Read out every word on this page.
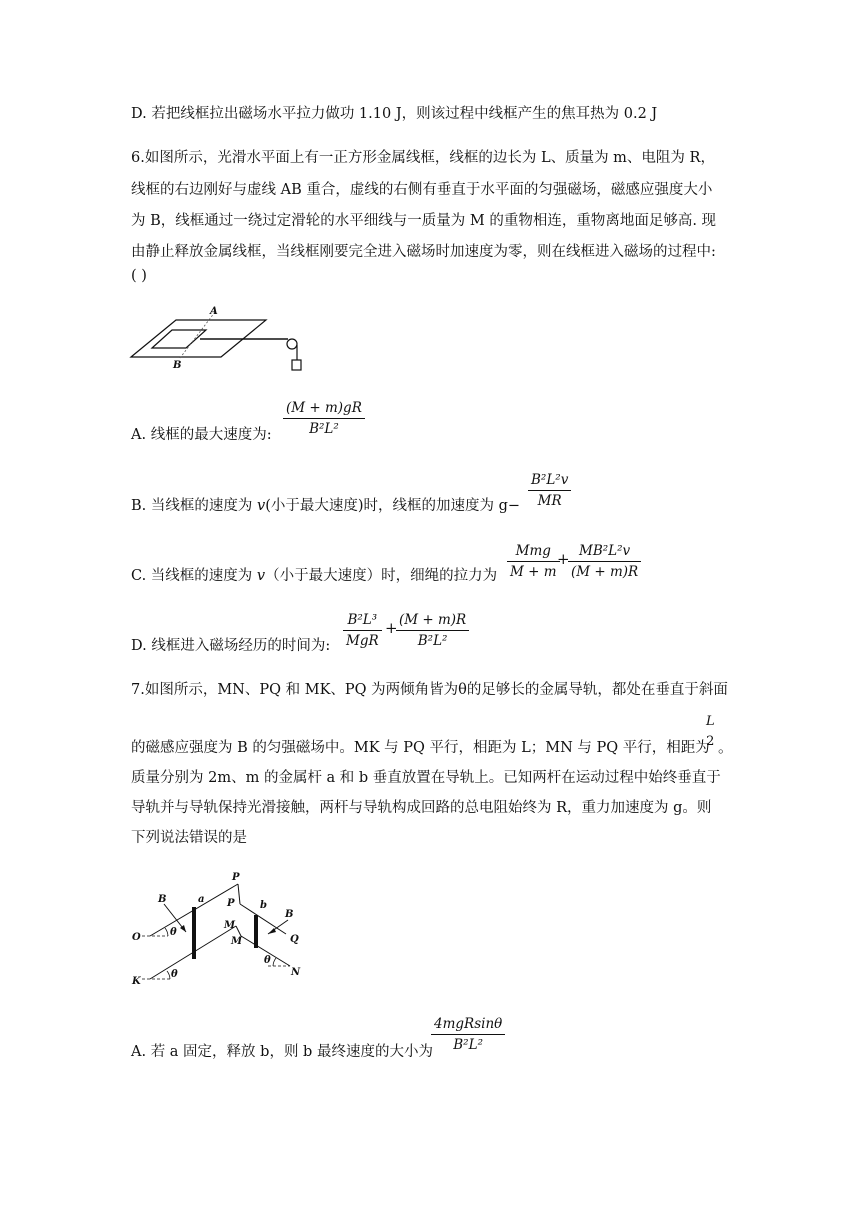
D. 若把线框拉出磁场水平拉力做功 1.10 J，则该过程中线框产生的焦耳热为 0.2 J
6.如图所示，光滑水平面上有一正方形金属线框，线框的边长为 L、质量为 m、电阻为 R，
线框的右边刚好与虚线 AB 重合，虚线的右侧有垂直于水平面的匀强磁场，磁感应强度大小
为 B，线框通过一绕过定滑轮的水平细线与一质量为 M 的重物相连，重物离地面足够高. 现
由静止释放金属线框，当线框刚要完全进入磁场时加速度为零，则在线框进入磁场的过程中:
( )
A
B
A. 线框的最大速度为: $\frac{(M + m)gR}{\text{B²L²}}$
B. 当线框的速度为 v(小于最大速度)时，线框的加速度为 $g- \frac{\text{B²L²v}}{MR}$
C. 当线框的速度为 v（小于最大速度）时，细绳的拉力为
Mmg
M + m
+
$\frac{\text{MB²L²v}}{(M + m)R}$
D. 线框进入磁场经历的时间为:
B²L³
MgR
+
$\frac{(M + m)R}{\text{B²L²}}$
7.如图所示，MN、PQ 和 MK、PQ 为两倾角皆为θ的足够长的金属导轨，都处在垂直于斜面
的磁感应强度为 B 的匀强磁场中。MK 与 PQ 平行，相距为 L；MN 与 PQ 平行，相距为
L
2 。
质量分别为 2m、m 的金属杆 a 和 b 垂直放置在导轨上。已知两杆在运动过程中始终垂直于
导轨并与导轨保持光滑接触，两杆与导轨构成回路的总电阻始终为 R，重力加速度为 g。则
下列说法错误的是
B	a
P
P	b
B
M
M
O	θ
Q
K
θ
θ
N
A. 若 a 固定，释放 b，则 b 最终速度的大小为
4mgRsinθ
B²L²
